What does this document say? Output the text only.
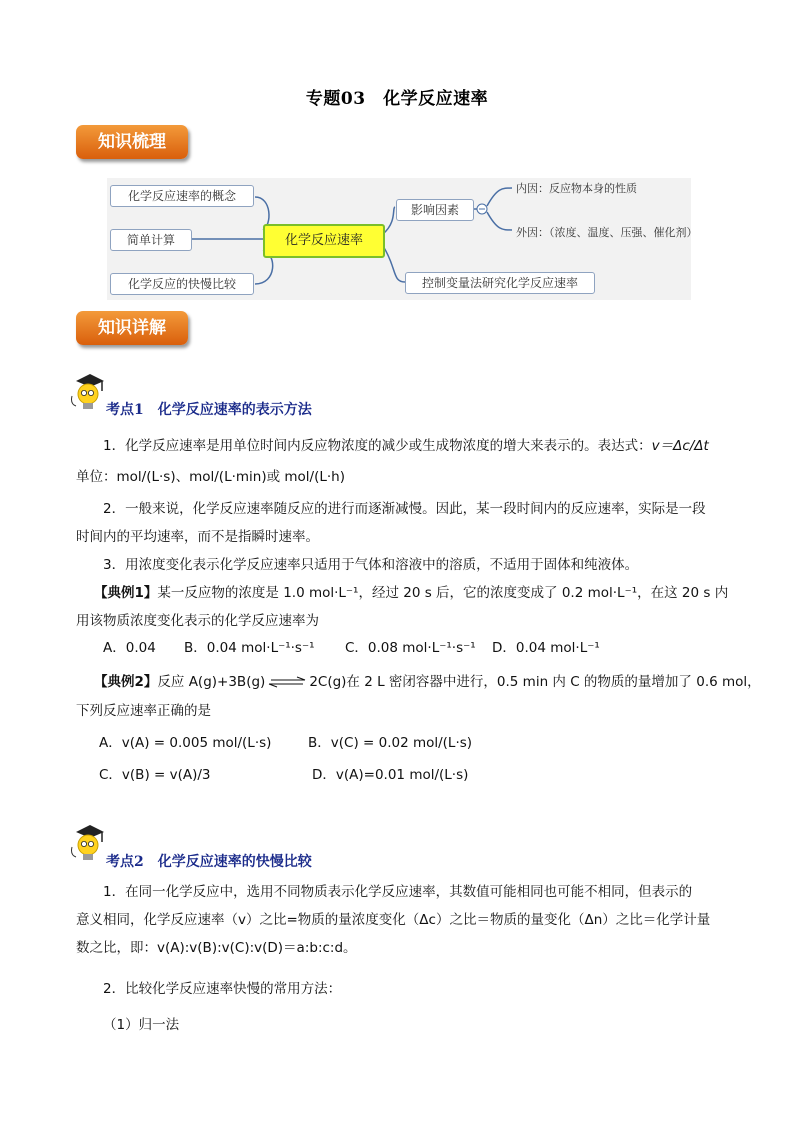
专题03　化学反应速率
知识梳理
化学反应速率的概念
简单计算
化学反应的快慢比较
化学反应速率
影响因素
控制变量法研究化学反应速率
内因：反应物本身的性质
外因：（浓度、温度、压强、催化剂）
知识详解
考点1 化学反应速率的表示方法
1．化学反应速率是用单位时间内反应物浓度的减少或生成物浓度的增大来表示的。表达式：v＝Δc/Δt
单位：mol/(L·s)、mol/(L·min)或 mol/(L·h)
2．一般来说，化学反应速率随反应的进行而逐渐减慢。因此，某一段时间内的反应速率，实际是一段
时间内的平均速率，而不是指瞬时速率。
3．用浓度变化表示化学反应速率只适用于气体和溶液中的溶质，不适用于固体和纯液体。
【典例1】某一反应物的浓度是 1.0 mol·L⁻¹，经过 20 s 后，它的浓度变成了 0.2 mol·L⁻¹，在这 20 s 内
用该物质浓度变化表示的化学反应速率为
A．0.04 B．0.04 mol·L⁻¹·s⁻¹ C．0.08 mol·L⁻¹·s⁻¹ D．0.04 mol·L⁻¹
【典例2】反应 A(g)+3B(g) ⇌ 2C(g)在 2 L 密闭容器中进行，0.5 min 内 C 的物质的量增加了 0.6 mol，
下列反应速率正确的是
A．v(A) = 0.005 mol/(L·s)	B．v(C) = 0.02 mol/(L·s)
C．v(B) = v(A)/3	D．v(A)=0.01 mol/(L·s)
考点2 化学反应速率的快慢比较
1．在同一化学反应中，选用不同物质表示化学反应速率，其数值可能相同也可能不相同，但表示的
意义相同，化学反应速率（v）之比=物质的量浓度变化（Δc）之比＝物质的量变化（Δn）之比＝化学计量
数之比，即：v(A):v(B):v(C):v(D)＝a:b:c:d。
2．比较化学反应速率快慢的常用方法：
（1）归一法
